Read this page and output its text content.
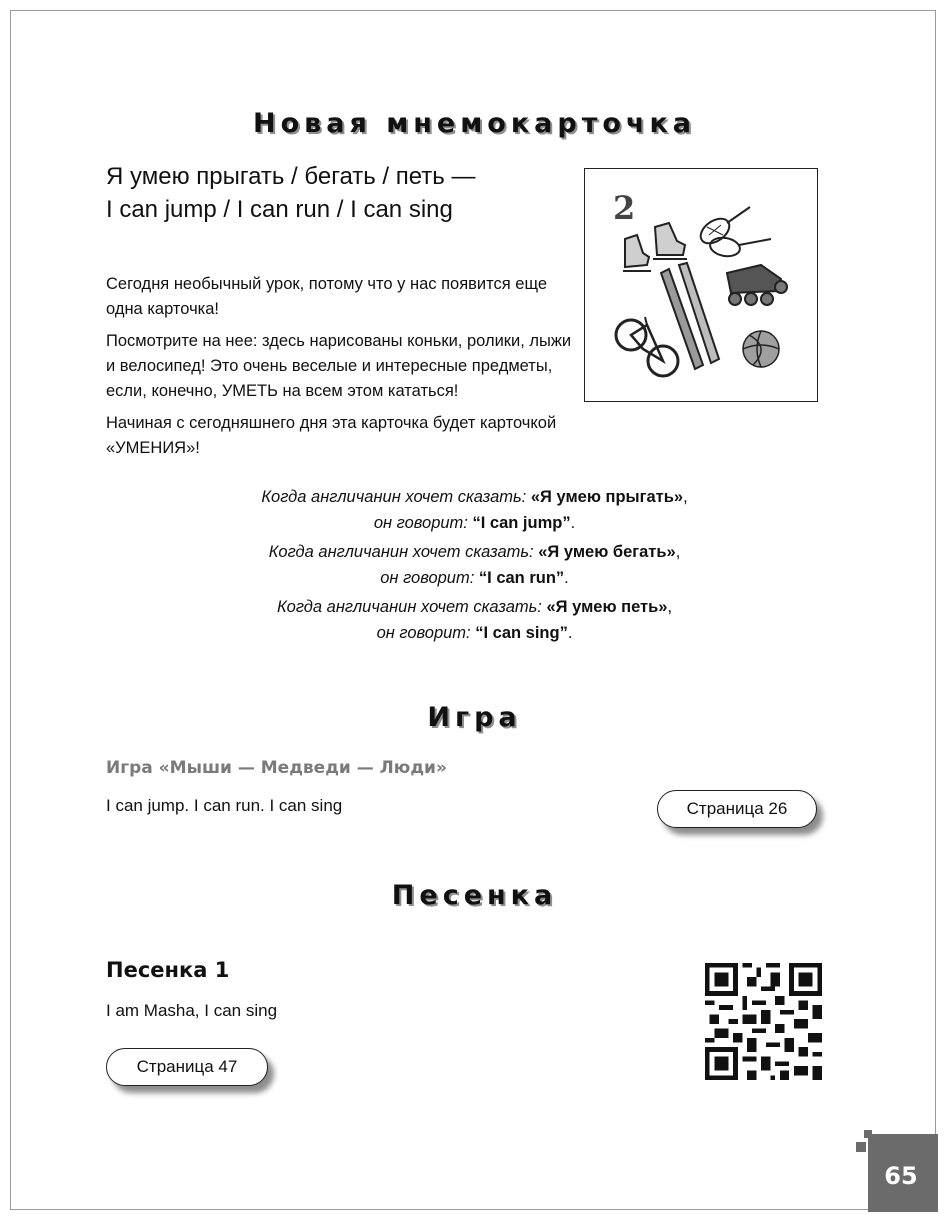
Новая мнемокарточка
Я умею прыгать / бегать / петь —
I can jump / I can run / I can sing

Сегодня необычный урок, потому что у нас появится еще одна карточка!

Посмотрите на нее: здесь нарисованы коньки, ролики, лыжи и велосипед! Это очень веселые и интересные предметы, если, конечно, УМЕТЬ на всем этом кататься!

Начиная с сегодняшнего дня эта карточка будет карточкой «УМЕНИЯ»!

2
Когда англичанин хочет сказать: «Я умею прыгать»,
он говорит: “I can jump”.
Когда англичанин хочет сказать: «Я умею бегать»,
он говорит: “I can run”.
Когда англичанин хочет сказать: «Я умею петь»,
он говорит: “I can sing”.
Игра
Игра «Мыши — Медведи — Люди»
I can jump. I can run. I can sing	Страница 26
Песенка
Песенка 1
I am Masha, I can sing
Страница 47
65
